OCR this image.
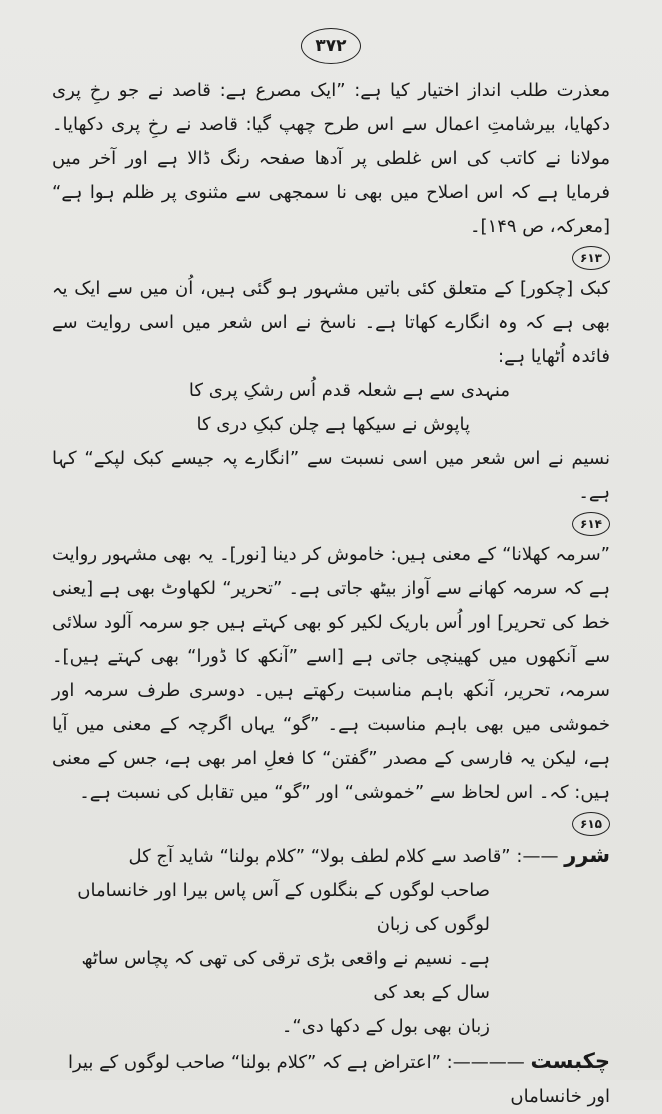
۳۷۲

معذرت طلب انداز اختیار کیا ہے: ”ایک مصرع ہے: قاصد نے جو رخِ پری دکھایا، بیرشامتِ اعمال سے اس طرح چھپ گیا: قاصد نے رخِ پری دکھایا۔ مولانا نے کاتب کی اس غلطی پر آدھا صفحہ رنگ ڈالا ہے اور آخر میں فرمایا ہے کہ اس اصلاح میں بھی نا سمجھی سے مثنوی پر ظلم ہوا ہے“ [معرکہ، ص ۱۴۹]۔

۶۱۳

کبک [چکور] کے متعلق کئی باتیں مشہور ہو گئی ہیں، اُن میں سے ایک یہ بھی ہے کہ وہ انگارے کھاتا ہے۔ ناسخ نے اس شعر میں اسی روایت سے فائدہ اُٹھایا ہے:

منہدی سے ہے شعلہ قدم اُس رشکِ پری کا

پاپوش نے سیکھا ہے چلن کبکِ دری کا

نسیم نے اس شعر میں اسی نسبت سے ”انگارے پہ جیسے کبک لپکے“ کہا ہے۔

۶۱۴

”سرمہ کھلانا“ کے معنی ہیں: خاموش کر دینا [نور]۔ یہ بھی مشہور روایت ہے کہ سرمہ کھانے سے آواز بیٹھ جاتی ہے۔ ”تحریر“ لکھاوٹ بھی ہے [یعنی خط کی تحریر] اور اُس باریک لکیر کو بھی کہتے ہیں جو سرمہ آلود سلائی سے آنکھوں میں کھینچی جاتی ہے [اسے ”آنکھ کا ڈورا“ بھی کہتے ہیں]۔ سرمہ، تحریر، آنکھ باہم مناسبت رکھتے ہیں۔ دوسری طرف سرمہ اور خموشی میں بھی باہم مناسبت ہے۔ ”گو“ یہاں اگرچہ کے معنی میں آیا ہے، لیکن یہ فارسی کے مصدر ”گفتن“ کا فعلِ امر بھی ہے، جس کے معنی ہیں: کہ۔ اس لحاظ سے ”خموشی“ اور ”گو“ میں تقابل کی نسبت ہے۔

۶۱۵

شرر ——: ”قاصد سے کلام لطف بولا“ ”کلام بولنا“ شاید آج کل

صاحب لوگوں کے بنگلوں کے آس پاس بیرا اور خانساماں لوگوں کی زبان

ہے۔ نسیم نے واقعی بڑی ترقی کی تھی کہ پچاس ساٹھ سال کے بعد کی

زبان بھی بول کے دکھا دی“۔

چکبست ————: ”اعتراض ہے کہ ”کلام بولنا“ صاحب لوگوں کے بیرا اور خانساماں
